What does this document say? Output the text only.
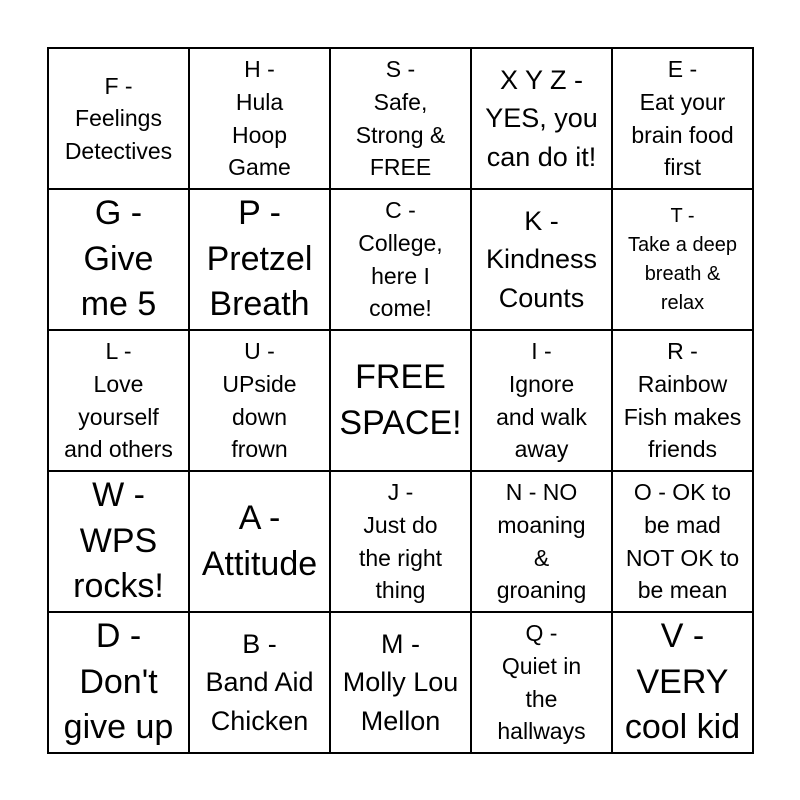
F -
Feelings
Detectives
H -
Hula
Hoop
Game
S -
Safe,
Strong &
FREE
X Y Z -
YES, you
can do it!
E -
Eat your
brain food
first
G -
Give
me 5
P -
Pretzel
Breath
C -
College,
here I
come!
K -
Kindness
Counts
T -
Take a deep
breath &
relax
L -
Love
yourself
and others
U -
UPside
down
frown
FREE
SPACE!
I -
Ignore
and walk
away
R -
Rainbow
Fish makes
friends
W -
WPS
rocks!
A -
Attitude
J -
Just do
the right
thing
N - NO
moaning
&
groaning
O - OK to
be mad
NOT OK to
be mean
D -
Don't
give up
B -
Band Aid
Chicken
M -
Molly Lou
Mellon
Q -
Quiet in
the
hallways
V -
VERY
cool kid
